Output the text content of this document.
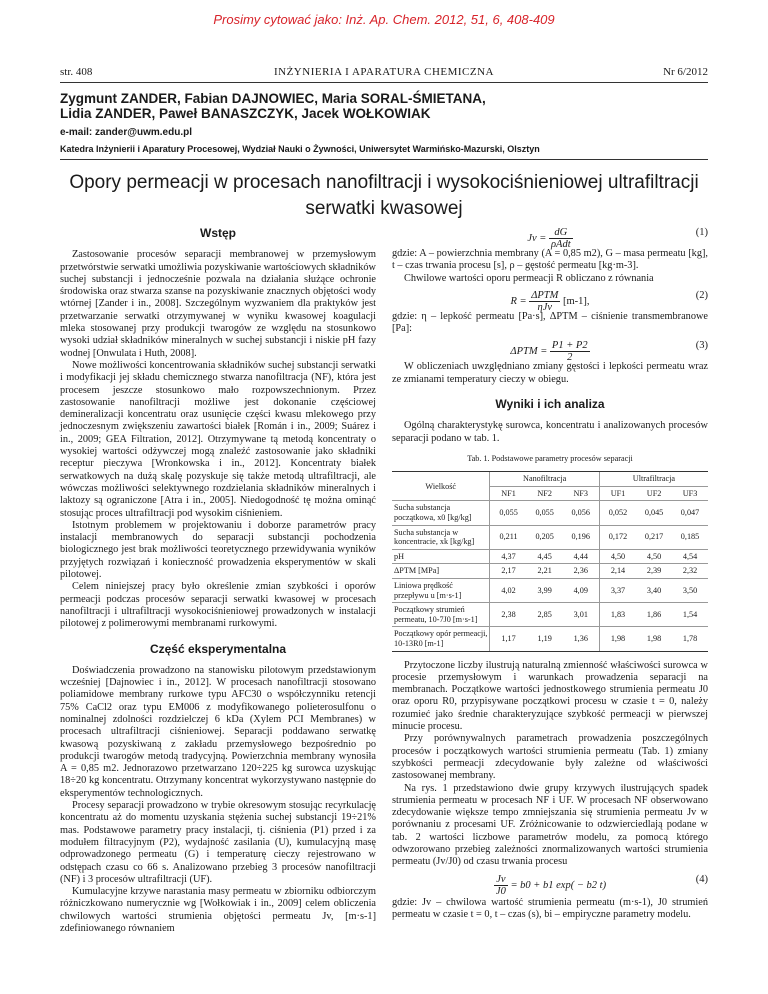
Prosimy cytować jako: Inż. Ap. Chem. 2012, 51, 6, 408-409
str. 408	INŻYNIERIA I APARATURA CHEMICZNA	Nr 6/2012
Zygmunt ZANDER, Fabian DAJNOWIEC, Maria SORAL-ŚMIETANA,
Lidia ZANDER, Paweł BANASZCZYK, Jacek WOŁKOWIAK
e-mail: zander@uwm.edu.pl
Katedra Inżynierii i Aparatury Procesowej, Wydział Nauki o Żywności, Uniwersytet Warmińsko-Mazurski, Olsztyn
Opory permeacji w procesach nanofiltracji i wysokociśnieniowej ultrafiltracji
serwatki kwasowej
Wstęp

Zastosowanie procesów separacji membranowej w przemysłowym przetwórstwie serwatki umożliwia pozyskiwanie wartościowych składników suchej substancji i jednocześnie pozwala na działania służące ochronie środowiska oraz stwarza szanse na pozyskiwanie znacznych objętości wody wtórnej [Zander i in., 2008]. Szczególnym wyzwaniem dla praktyków jest przetwarzanie serwatki otrzymywanej w wyniku kwasowej koagulacji mleka stosowanej przy produkcji twarogów ze względu na stosunkowo wysoki udział składników mineralnych w suchej substancji i niskie pH fazy wodnej [Onwulata i Huth, 2008].

Nowe możliwości koncentrowania składników suchej substancji serwatki i modyfikacji jej składu chemicznego stwarza nanofiltracja (NF), która jest procesem jeszcze stosunkowo mało rozpowszechnionym. Przez zastosowanie nanofiltracji możliwe jest dokonanie częściowej demineralizacji koncentratu oraz usunięcie części kwasu mlekowego przy jednoczesnym zwiększeniu zawartości białek [Román i in., 2009; Suárez i in., 2009; GEA Filtration, 2012]. Otrzymywane tą metodą koncentraty o wysokiej wartości odżywczej mogą znaleźć zastosowanie jako składniki receptur pieczywa [Wronkowska i in., 2012]. Koncentraty białek serwatkowych na dużą skalę pozyskuje się także metodą ultrafiltracji, ale wówczas możliwości selektywnego rozdzielania składników mineralnych i laktozy są ograniczone [Atra i in., 2005]. Niedogodność tę można ominąć stosując proces ultrafiltracji pod wysokim ciśnieniem.

Istotnym problemem w projektowaniu i doborze parametrów pracy instalacji membranowych do separacji substancji pochodzenia biologicznego jest brak możliwości teoretycznego przewidywania wyników przyjętych rozwiązań i konieczność prowadzenia eksperymentów w skali pilotowej.

Celem niniejszej pracy było określenie zmian szybkości i oporów permeacji podczas procesów separacji serwatki kwasowej w procesach nanofiltracji i ultrafiltracji wysokociśnieniowej prowadzonych w instalacji pilotowej z polimerowymi membranami rurkowymi.

Część eksperymentalna

Doświadczenia prowadzono na stanowisku pilotowym przedstawionym wcześniej [Dajnowiec i in., 2012]. W procesach nanofiltracji stosowano poliamidowe membrany rurkowe typu AFC30 o współczynniku retencji 75% CaCl2 oraz typu EM006 z modyfikowanego polieterosulfonu o nominalnej zdolności rozdzielczej 6 kDa (Xylem PCI Membranes) w procesach ultrafiltracji ciśnieniowej. Separacji poddawano serwatkę kwasową pozyskiwaną z zakładu przemysłowego bezpośrednio po produkcji twarogów metodą tradycyjną. Powierzchnia membrany wynosiła A = 0,85 m2. Jednorazowo przetwarzano 120÷225 kg surowca uzyskując 18÷20 kg koncentratu. Otrzymany koncentrat wykorzystywano następnie do eksperymentów technologicznych.

Procesy separacji prowadzono w trybie okresowym stosując recyrkulację koncentratu aż do momentu uzyskania stężenia suchej substancji 19÷21% mas. Podstawowe parametry pracy instalacji, tj. ciśnienia (P1) przed i za modułem filtracyjnym (P2), wydajność zasilania (U), kumulacyjną masę odprowadzonego permeatu (G) i temperaturę cieczy rejestrowano w odstępach czasu co 66 s. Analizowano przebieg 3 procesów nanofiltracji (NF) i 3 procesów ultrafiltracji (UF).

Kumulacyjne krzywe narastania masy permeatu w zbiorniku odbiorczym różniczkowano numerycznie wg [Wołkowiak i in., 2009] celem obliczenia chwilowych wartości strumienia objętości permeatu Jv, [m·s-1] zdefiniowanego równaniem

$Jv = \frac{dG}{\text{ρAdt}}$	(1)

gdzie: A – powierzchnia membrany (A = 0,85 m2), G – masa permeatu [kg], t – czas trwania procesu [s], ρ – gęstość permeatu [kg·m-3].

Chwilowe wartości oporu permeacji R obliczano z równania

$R = \frac{\text{ΔPTM}}{\text{ηJv}} [m-1]$,
(2)

gdzie: η – lepkość permeatu [Pa·s], ΔPTM – ciśnienie transmembranowe [Pa]:

$\Delta PTM = \frac{P1 + P2}{2}$	(3)

W obliczeniach uwzględniano zmiany gęstości i lepkości permeatu wraz ze zmianami temperatury cieczy w obiegu.

Wyniki i ich analiza

Ogólną charakterystykę surowca, koncentratu i analizowanych procesów separacji podano w tab. 1.

Tab. 1. Podstawowe parametry procesów separacji
Wielkość	Nanofiltracja			Ultrafiltracja		
	NF1	NF2	NF3	UF1	UF2	UF3
Sucha substancja początkowa, x0 [kg/kg]	0,055	0,055	0,056	0,052	0,045	0,047
Sucha substancja w koncentracie, xk [kg/kg]	0,211	0,205	0,196	0,172	0,217	0,185
pH	4,37	4,45	4,44	4,50	4,50	4,54
ΔPTM [MPa]	2,17	2,21	2,36	2,14	2,39	2,32
Liniowa prędkość przepływu u [m·s-1]	4,02	3,99	4,09	3,37	3,40	3,50
Początkowy strumień permeatu, 10-7J0 [m·s-1]	2,38	2,85	3,01	1,83	1,86	1,54
Początkowy opór permeacji, 10-13R0 [m-1]	1,17	1,19	1,36	1,98	1,98	1,78

Przytoczone liczby ilustrują naturalną zmienność właściwości surowca w procesie przemysłowym i warunkach prowadzenia separacji na membranach. Początkowe wartości jednostkowego strumienia permeatu J0 oraz oporu R0, przypisywane początkowi procesu w czasie t = 0, należy rozumieć jako średnie charakteryzujące szybkość permeacji w pierwszej minucie procesu.

Przy porównywalnych parametrach prowadzenia poszczególnych procesów i początkowych wartości strumienia permeatu (Tab. 1) zmiany szybkości permeacji zdecydowanie były zależne od właściwości zastosowanej membrany.

Na rys. 1 przedstawiono dwie grupy krzywych ilustrujących spadek strumienia permeatu w procesach NF i UF. W procesach NF obserwowano zdecydowanie większe tempo zmniejszania się strumienia permeatu Jv w porównaniu z procesami UF. Zróżnicowanie to odzwierciedlają podane w tab. 2 wartości liczbowe parametrów modelu, za pomocą którego odwzorowano przebieg zależności znormalizowanych wartości strumienia permeatu (Jv/J0) od czasu trwania procesu

$\frac{Jv}{J0} = b0 + b1$ exp( − b2 t)
(4)

gdzie: Jv – chwilowa wartość strumienia permeatu (m·s-1), J0 strumień permeatu w czasie t = 0, t – czas (s), bi – empiryczne parametry modelu.
